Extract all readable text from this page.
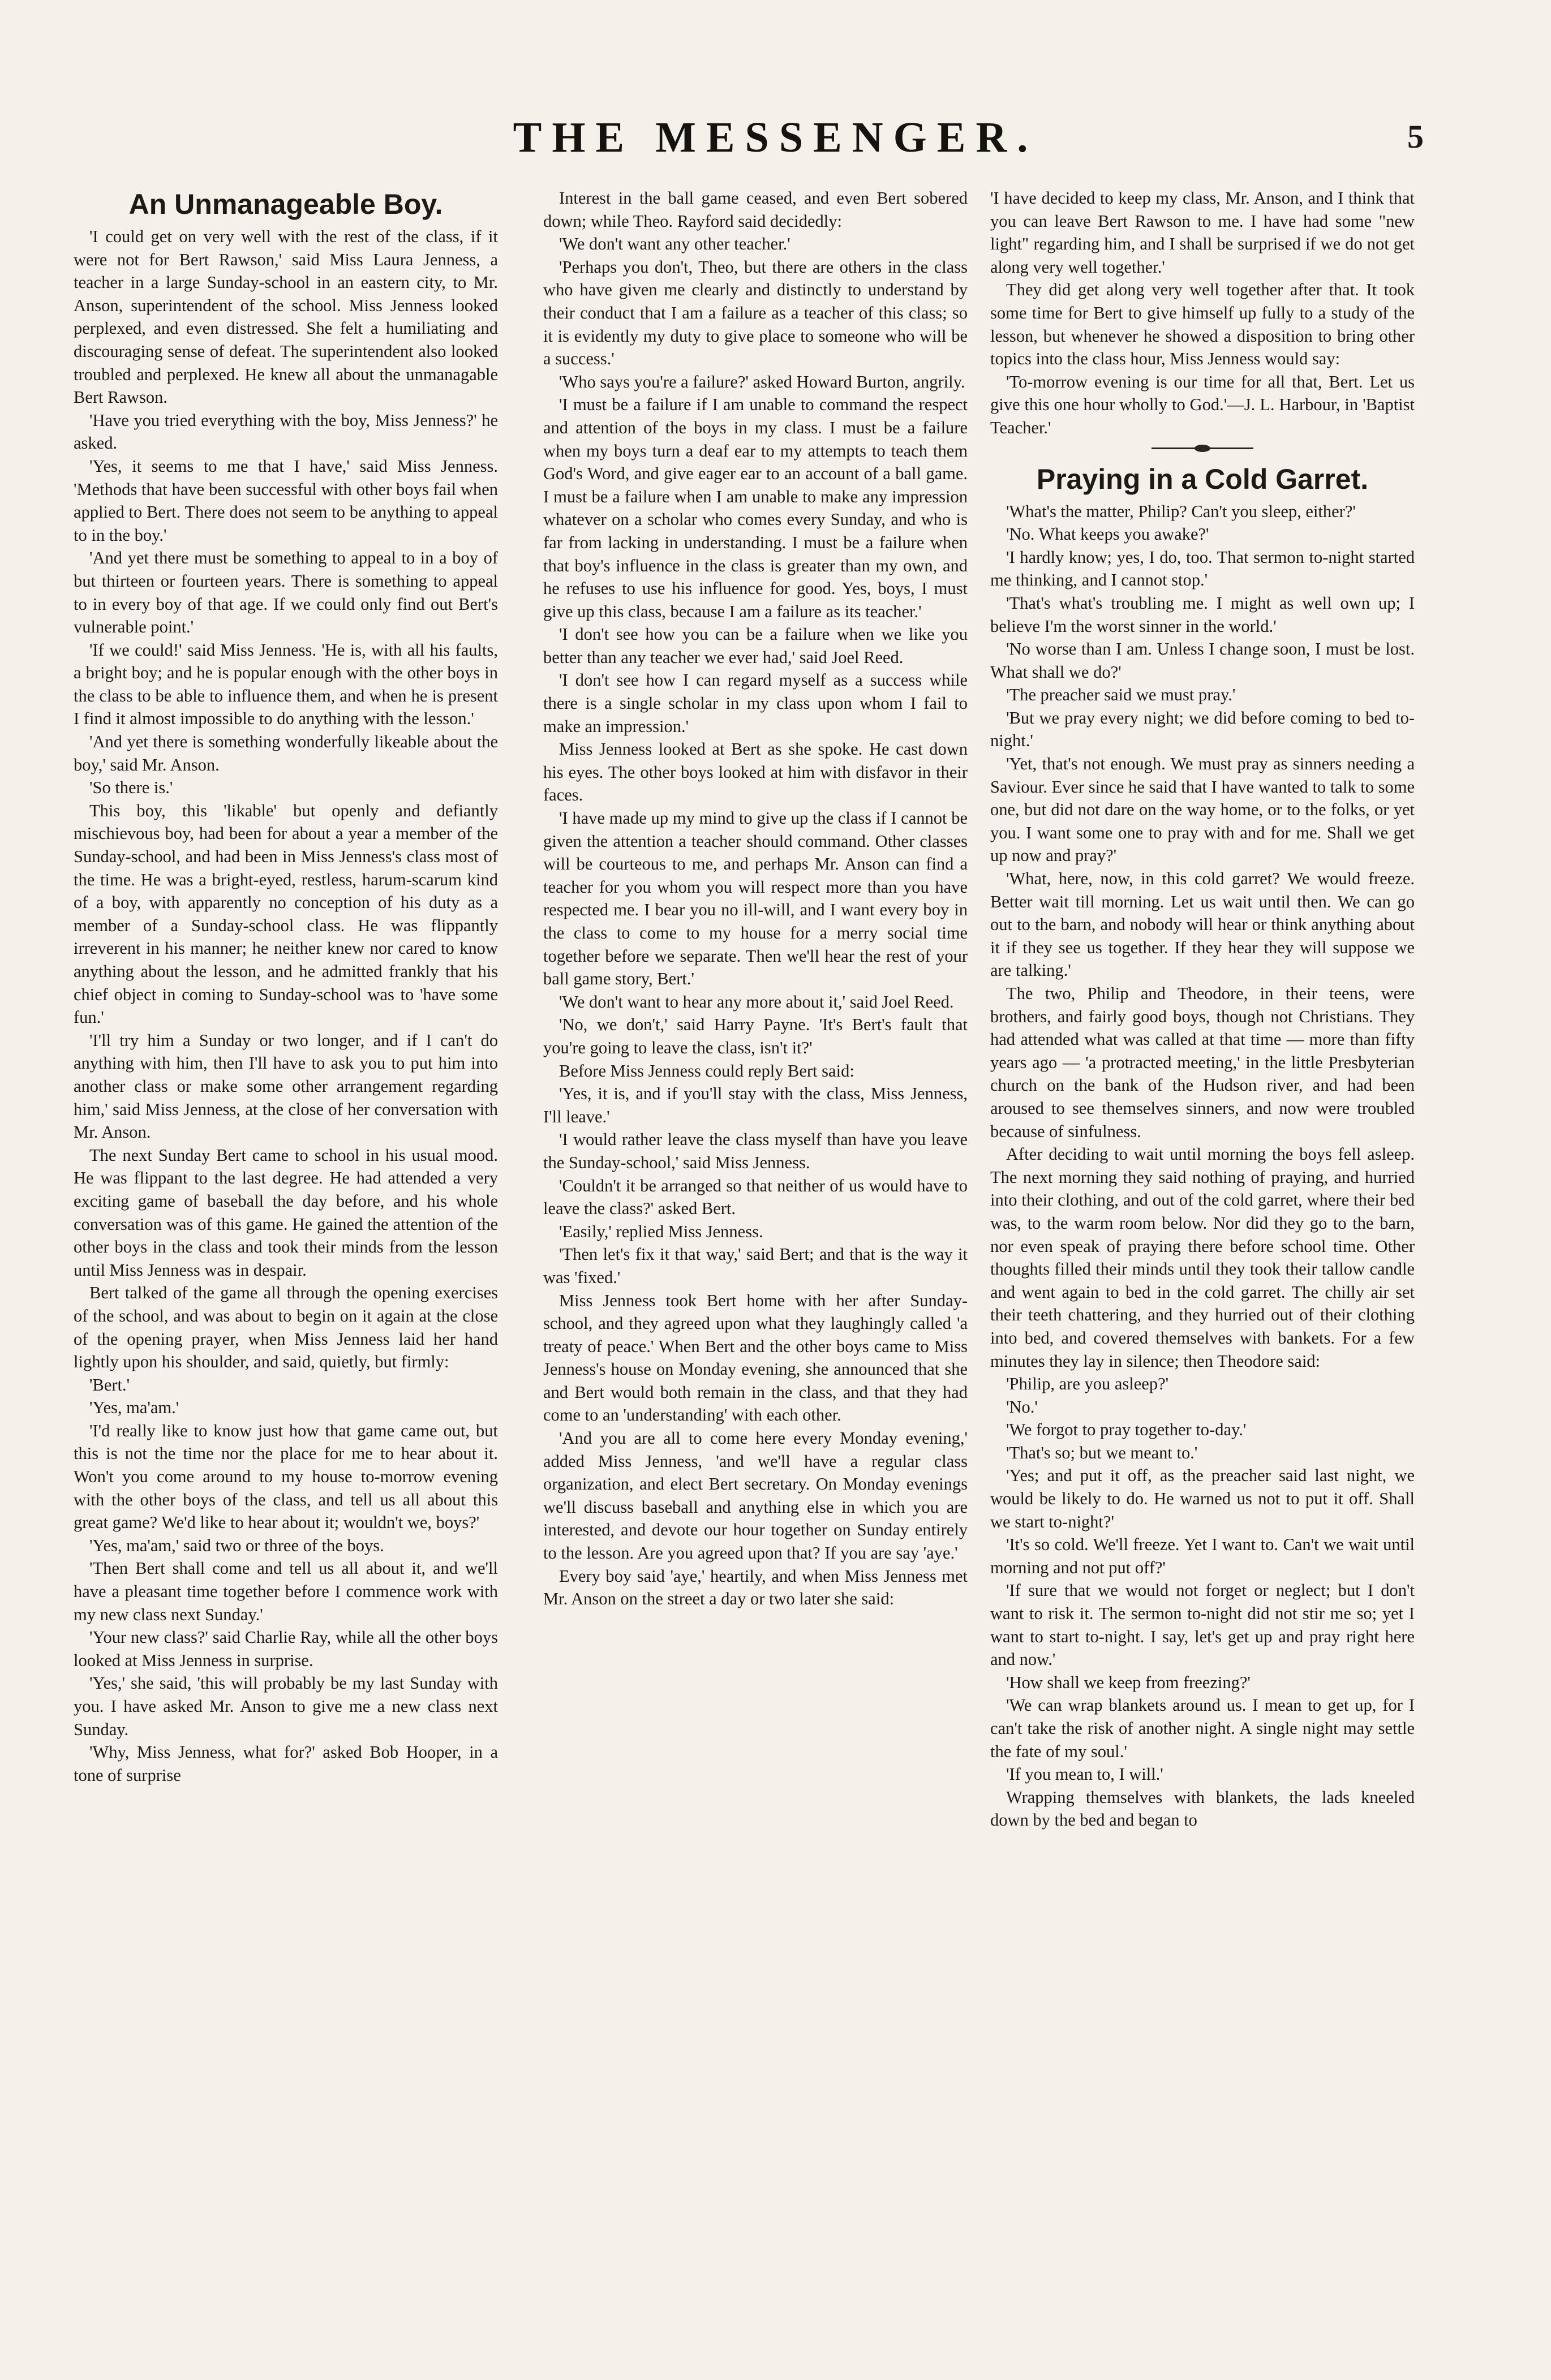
THE MESSENGER.	5
An Unmanageable Boy.

'I could get on very well with the rest of the class, if it were not for Bert Rawson,' said Miss Laura Jenness, a teacher in a large Sunday-school in an eastern city, to Mr. Anson, superintendent of the school. Miss Jenness looked perplexed, and even distressed. She felt a humiliating and discouraging sense of defeat. The superintendent also looked troubled and perplexed. He knew all about the unmanagable Bert Rawson.

'Have you tried everything with the boy, Miss Jenness?' he asked.

'Yes, it seems to me that I have,' said Miss Jenness. 'Methods that have been successful with other boys fail when applied to Bert. There does not seem to be anything to appeal to in the boy.'

'And yet there must be something to appeal to in a boy of but thirteen or fourteen years. There is something to appeal to in every boy of that age. If we could only find out Bert's vulnerable point.'

'If we could!' said Miss Jenness. 'He is, with all his faults, a bright boy; and he is popular enough with the other boys in the class to be able to influence them, and when he is present I find it almost impossible to do anything with the lesson.'

'And yet there is something wonderfully likeable about the boy,' said Mr. Anson.

'So there is.'

This boy, this 'likable' but openly and defiantly mischievous boy, had been for about a year a member of the Sunday-school, and had been in Miss Jenness's class most of the time. He was a bright-eyed, restless, harum-scarum kind of a boy, with apparently no conception of his duty as a member of a Sunday-school class. He was flippantly irreverent in his manner; he neither knew nor cared to know anything about the lesson, and he admitted frankly that his chief object in coming to Sunday-school was to 'have some fun.'

'I'll try him a Sunday or two longer, and if I can't do anything with him, then I'll have to ask you to put him into another class or make some other arrangement regarding him,' said Miss Jenness, at the close of her conversation with Mr. Anson.

The next Sunday Bert came to school in his usual mood. He was flippant to the last degree. He had attended a very exciting game of baseball the day before, and his whole conversation was of this game. He gained the attention of the other boys in the class and took their minds from the lesson until Miss Jenness was in despair.

Bert talked of the game all through the opening exercises of the school, and was about to begin on it again at the close of the opening prayer, when Miss Jenness laid her hand lightly upon his shoulder, and said, quietly, but firmly:

'Bert.'

'Yes, ma'am.'

'I'd really like to know just how that game came out, but this is not the time nor the place for me to hear about it. Won't you come around to my house to-morrow evening with the other boys of the class, and tell us all about this great game? We'd like to hear about it; wouldn't we, boys?'

'Yes, ma'am,' said two or three of the boys.

'Then Bert shall come and tell us all about it, and we'll have a pleasant time together before I commence work with my new class next Sunday.'

'Your new class?' said Charlie Ray, while all the other boys looked at Miss Jenness in surprise.

'Yes,' she said, 'this will probably be my last Sunday with you. I have asked Mr. Anson to give me a new class next Sunday.

'Why, Miss Jenness, what for?' asked Bob Hooper, in a tone of surprise

Interest in the ball game ceased, and even Bert sobered down; while Theo. Rayford said decidedly:

'We don't want any other teacher.'

'Perhaps you don't, Theo, but there are others in the class who have given me clearly and distinctly to understand by their conduct that I am a failure as a teacher of this class; so it is evidently my duty to give place to someone who will be a success.'

'Who says you're a failure?' asked Howard Burton, angrily.

'I must be a failure if I am unable to command the respect and attention of the boys in my class. I must be a failure when my boys turn a deaf ear to my attempts to teach them God's Word, and give eager ear to an account of a ball game. I must be a failure when I am unable to make any impression whatever on a scholar who comes every Sunday, and who is far from lacking in understanding. I must be a failure when that boy's influence in the class is greater than my own, and he refuses to use his influence for good. Yes, boys, I must give up this class, because I am a failure as its teacher.'

'I don't see how you can be a failure when we like you better than any teacher we ever had,' said Joel Reed.

'I don't see how I can regard myself as a success while there is a single scholar in my class upon whom I fail to make an impression.'

Miss Jenness looked at Bert as she spoke. He cast down his eyes. The other boys looked at him with disfavor in their faces.

'I have made up my mind to give up the class if I cannot be given the attention a teacher should command. Other classes will be courteous to me, and perhaps Mr. Anson can find a teacher for you whom you will respect more than you have respected me. I bear you no ill-will, and I want every boy in the class to come to my house for a merry social time together before we separate. Then we'll hear the rest of your ball game story, Bert.'

'We don't want to hear any more about it,' said Joel Reed.

'No, we don't,' said Harry Payne. 'It's Bert's fault that you're going to leave the class, isn't it?'

Before Miss Jenness could reply Bert said:

'Yes, it is, and if you'll stay with the class, Miss Jenness, I'll leave.'

'I would rather leave the class myself than have you leave the Sunday-school,' said Miss Jenness.

'Couldn't it be arranged so that neither of us would have to leave the class?' asked Bert.

'Easily,' replied Miss Jenness.

'Then let's fix it that way,' said Bert; and that is the way it was 'fixed.'

Miss Jenness took Bert home with her after Sunday-school, and they agreed upon what they laughingly called 'a treaty of peace.' When Bert and the other boys came to Miss Jenness's house on Monday evening, she announced that she and Bert would both remain in the class, and that they had come to an 'understanding' with each other.

'And you are all to come here every Monday evening,' added Miss Jenness, 'and we'll have a regular class organization, and elect Bert secretary. On Monday evenings we'll discuss baseball and anything else in which you are interested, and devote our hour together on Sunday entirely to the lesson. Are you agreed upon that? If you are say 'aye.'

Every boy said 'aye,' heartily, and when Miss Jenness met Mr. Anson on the street a day or two later she said:

'I have decided to keep my class, Mr. Anson, and I think that you can leave Bert Rawson to me. I have had some "new light" regarding him, and I shall be surprised if we do not get along very well together.'

They did get along very well together after that. It took some time for Bert to give himself up fully to a study of the lesson, but whenever he showed a disposition to bring other topics into the class hour, Miss Jenness would say:

'To-morrow evening is our time for all that, Bert. Let us give this one hour wholly to God.'—J. L. Harbour, in 'Baptist Teacher.'

Praying in a Cold Garret.

'What's the matter, Philip? Can't you sleep, either?'

'No. What keeps you awake?'

'I hardly know; yes, I do, too. That sermon to-night started me thinking, and I cannot stop.'

'That's what's troubling me. I might as well own up; I believe I'm the worst sinner in the world.'

'No worse than I am. Unless I change soon, I must be lost. What shall we do?'

'The preacher said we must pray.'

'But we pray every night; we did before coming to bed to-night.'

'Yet, that's not enough. We must pray as sinners needing a Saviour. Ever since he said that I have wanted to talk to some one, but did not dare on the way home, or to the folks, or yet you. I want some one to pray with and for me. Shall we get up now and pray?'

'What, here, now, in this cold garret? We would freeze. Better wait till morning. Let us wait until then. We can go out to the barn, and nobody will hear or think anything about it if they see us together. If they hear they will suppose we are talking.'

The two, Philip and Theodore, in their teens, were brothers, and fairly good boys, though not Christians. They had attended what was called at that time — more than fifty years ago — 'a protracted meeting,' in the little Presbyterian church on the bank of the Hudson river, and had been aroused to see themselves sinners, and now were troubled because of sinfulness.

After deciding to wait until morning the boys fell asleep. The next morning they said nothing of praying, and hurried into their clothing, and out of the cold garret, where their bed was, to the warm room below. Nor did they go to the barn, nor even speak of praying there before school time. Other thoughts filled their minds until they took their tallow candle and went again to bed in the cold garret. The chilly air set their teeth chattering, and they hurried out of their clothing into bed, and covered themselves with bankets. For a few minutes they lay in silence; then Theodore said:

'Philip, are you asleep?'

'No.'

'We forgot to pray together to-day.'

'That's so; but we meant to.'

'Yes; and put it off, as the preacher said last night, we would be likely to do. He warned us not to put it off. Shall we start to-night?'

'It's so cold. We'll freeze. Yet I want to. Can't we wait until morning and not put off?'

'If sure that we would not forget or neglect; but I don't want to risk it. The sermon to-night did not stir me so; yet I want to start to-night. I say, let's get up and pray right here and now.'

'How shall we keep from freezing?'

'We can wrap blankets around us. I mean to get up, for I can't take the risk of another night. A single night may settle the fate of my soul.'

'If you mean to, I will.'

Wrapping themselves with blankets, the lads kneeled down by the bed and began to
